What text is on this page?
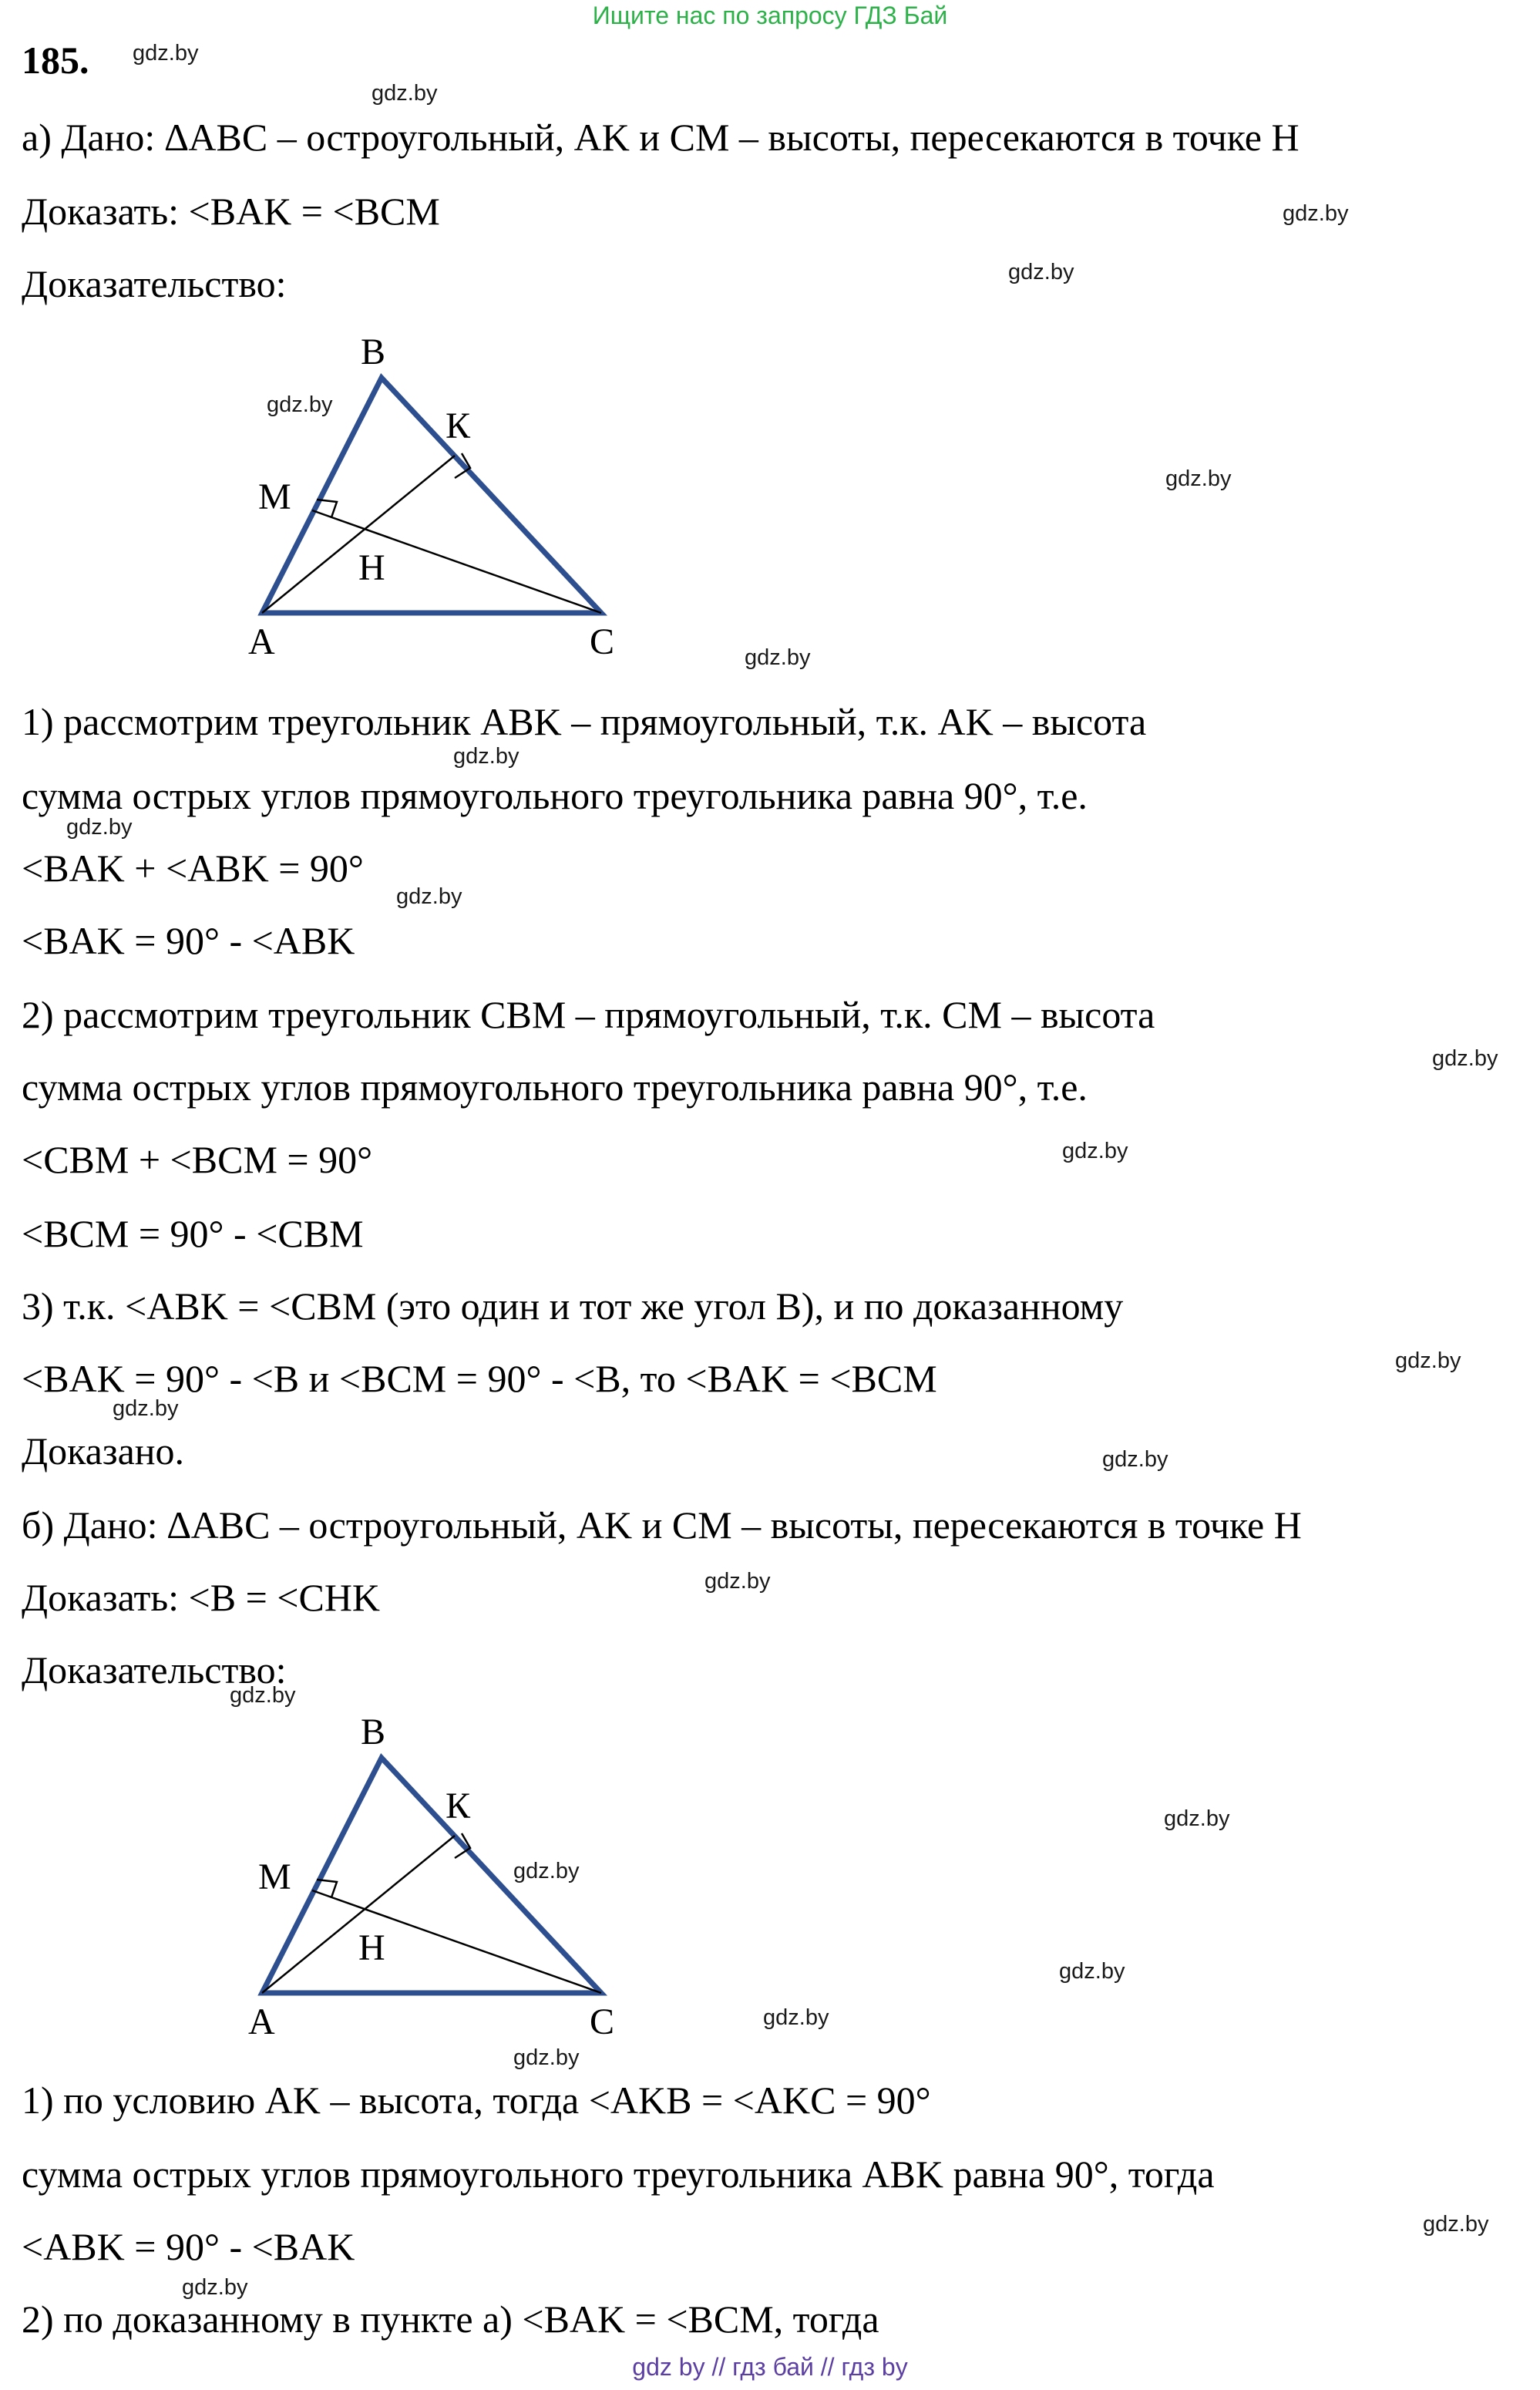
Ищите нас по запросу ГДЗ Бай
185.
а) Дано: ∆ABC – остроугольный, AK и CM – высоты, пересекаются в точке H
Доказать: <BAK = <BCM
Доказательство:
B
К
M
H
A	C
1) рассмотрим треугольник ABK – прямоугольный, т.к. AK – высота
сумма острых углов прямоугольного треугольника равна 90°, т.е.
<BAK + <ABK = 90°
<BAK = 90° - <ABK
2) рассмотрим треугольник CBM – прямоугольный, т.к. CM – высота
сумма острых углов прямоугольного треугольника равна 90°, т.е.
<CBM + <BCM = 90°
<BCM = 90° - <CBM
3) т.к. <ABK = <CBM (это один и тот же угол B), и по доказанному
<BAK = 90° - <B и <BCM = 90° - <B, то <BAK = <BCM
Доказано.
б) Дано: ∆ABC – остроугольный, AK и CM – высоты, пересекаются в точке H
Доказать: <B = <CHK
Доказательство:
B
К
M
H
A	C
1) по условию AK – высота, тогда <AKB = <AKC = 90°
сумма острых углов прямоугольного треугольника ABK равна 90°, тогда
<ABK = 90° - <BAK
2) по доказанному в пункте а) <BAK = <BCM, тогда
gdz.by
gdz.by
gdz.by
gdz.by
gdz.by
gdz.by
gdz.by
gdz.by
gdz.by
gdz.by
gdz.by
gdz.by
gdz.by
gdz.by
gdz.by
gdz.by
gdz.by
gdz.by
gdz.by
gdz.by
gdz.by
gdz.by
gdz.by
gdz.by
gdz by // гдз бай // гдз by
